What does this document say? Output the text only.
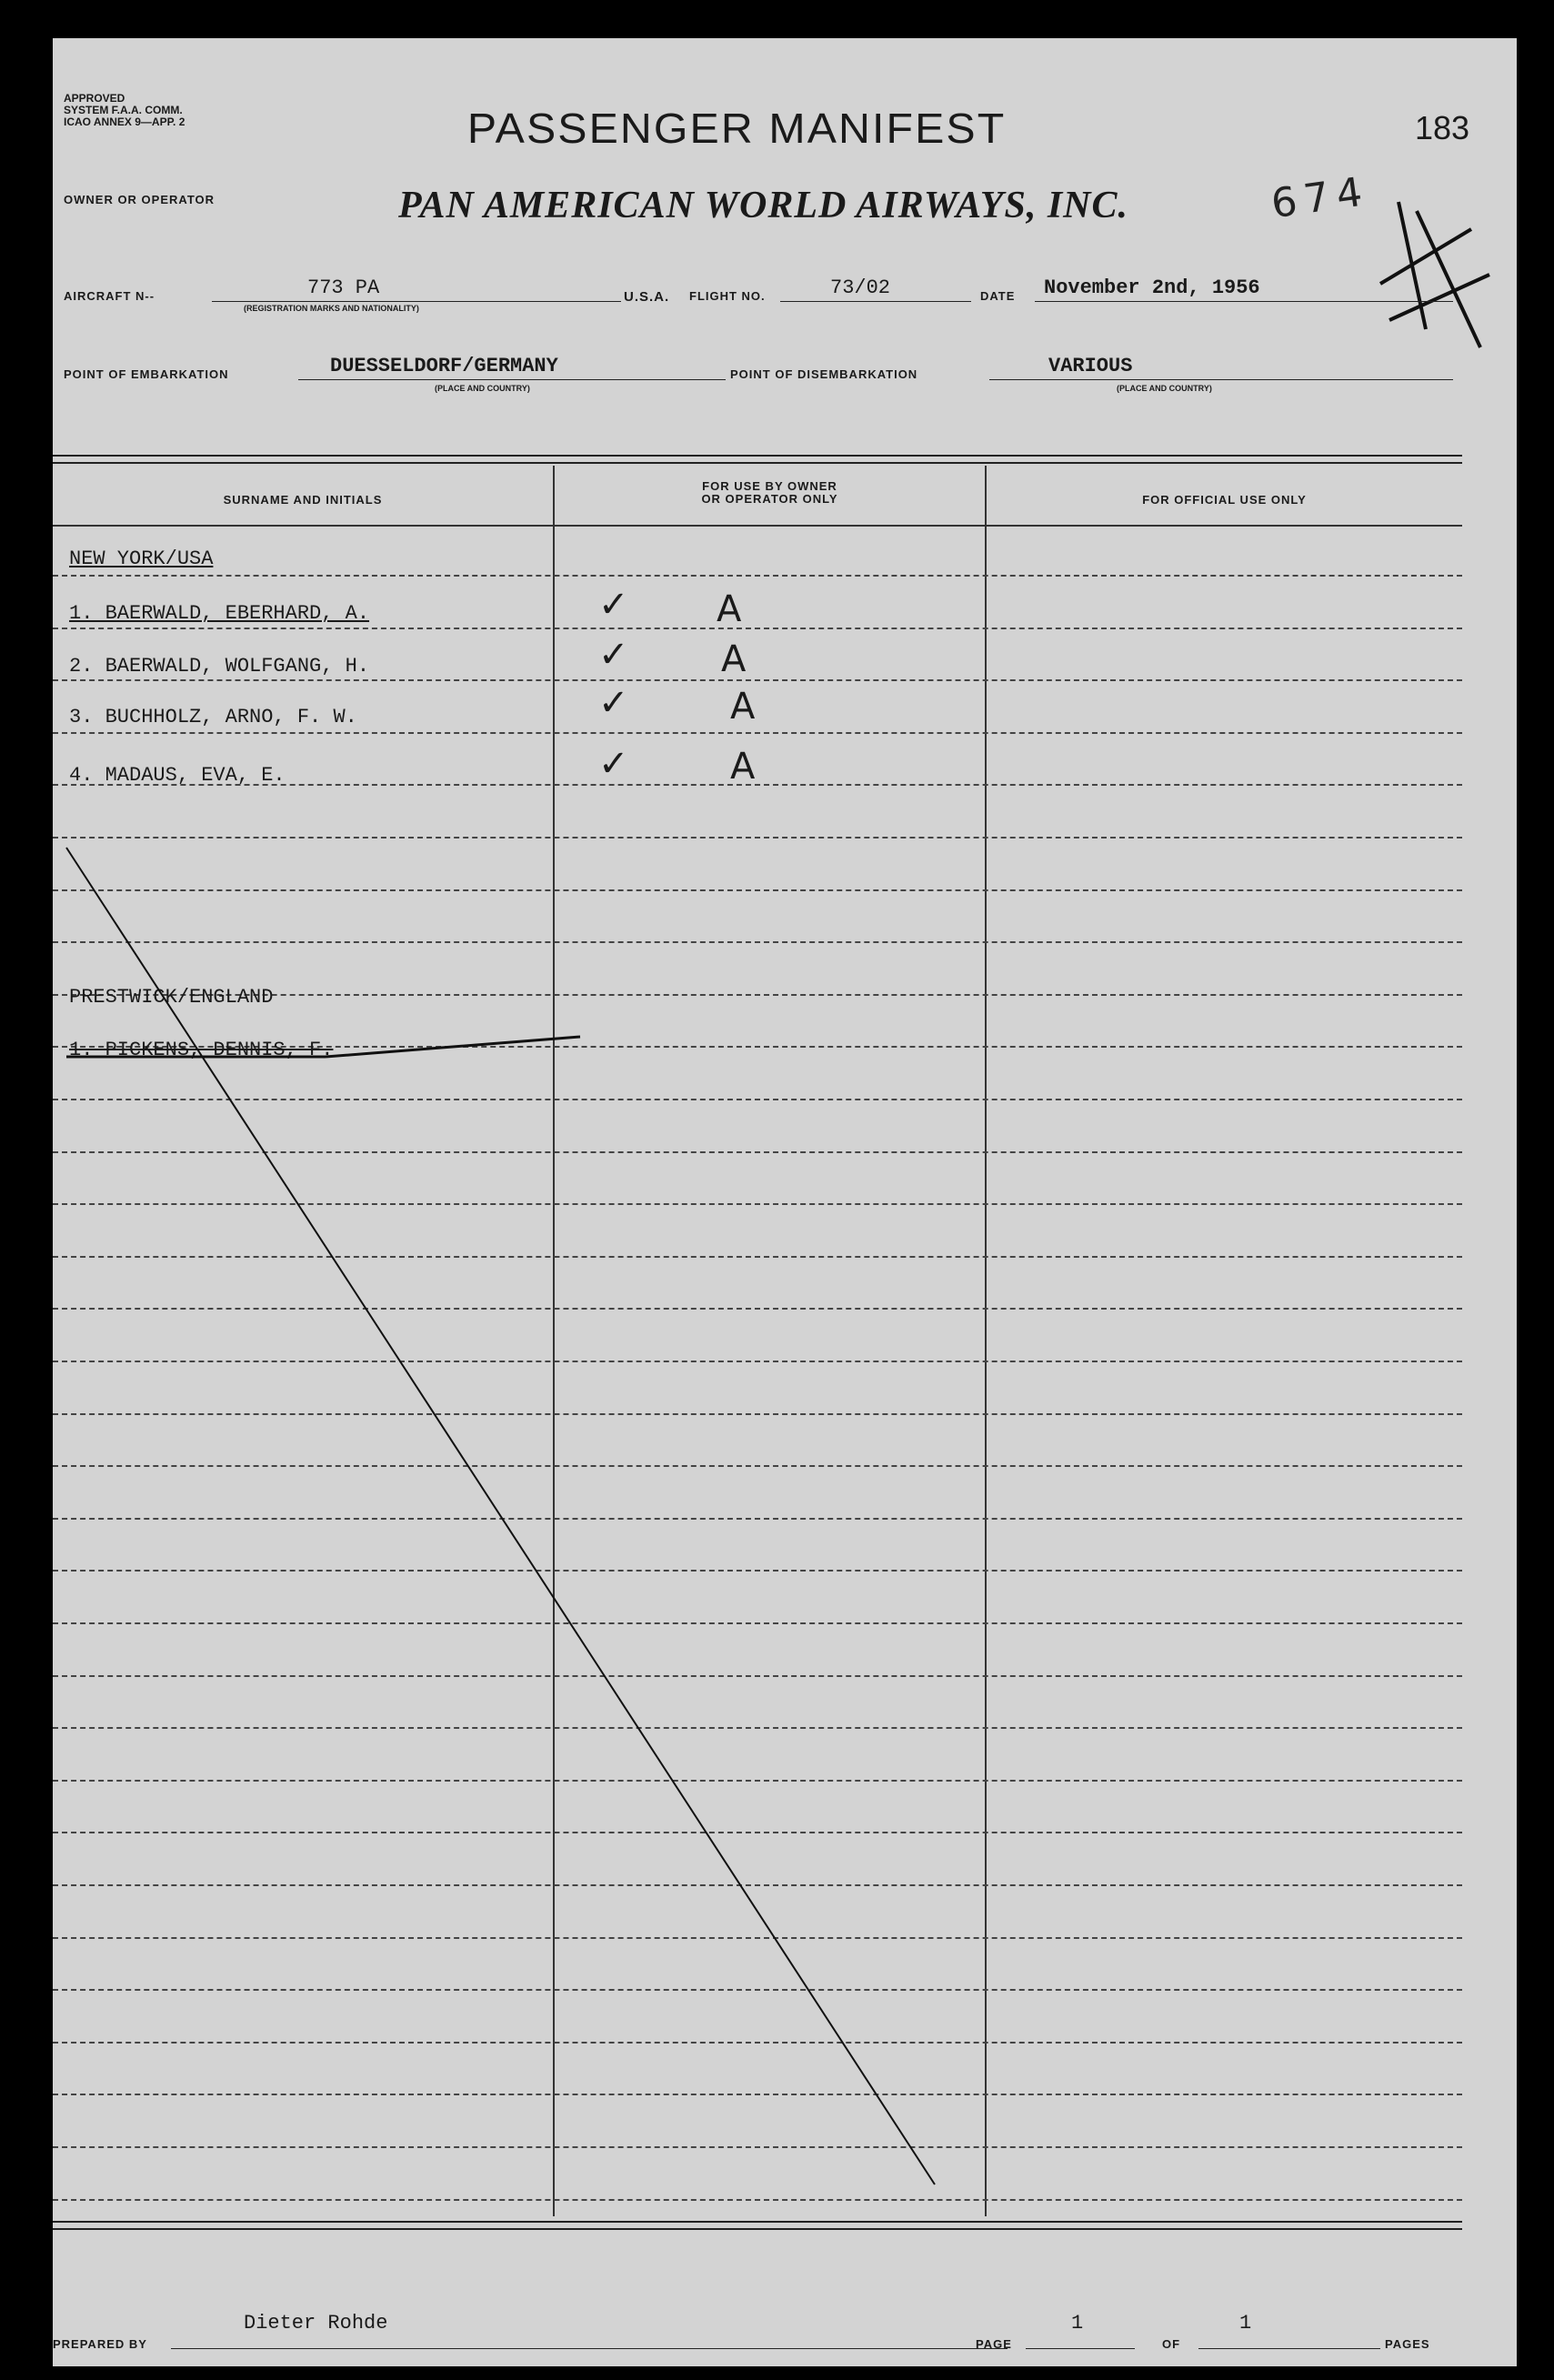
APPROVED
SYSTEM F.A.A. COMM.
ICAO ANNEX 9—APP. 2	PASSENGER MANIFEST	183
OWNER OR OPERATOR	PAN AMERICAN WORLD AIRWAYS, INC.	674
AIRCRAFT N--	773 PA
(REGISTRATION MARKS AND NATIONALITY)
U.S.A. FLIGHT NO.	73/02	DATE November 2nd, 1956
POINT OF EMBARKATION	DUESSELDORF/GERMANY
(PLACE AND COUNTRY)
POINT OF DISEMBARKATION	VARIOUS
(PLACE AND COUNTRY)
SURNAME AND INITIALS
FOR USE BY OWNER
OR OPERATOR ONLY	FOR OFFICIAL USE ONLY
NEW YORK/USA
1. BAERWALD, EBERHARD, A.	✓ A
2. BAERWALD, WOLFGANG, H.	✓	A
3. BUCHHOLZ, ARNO, F. W.	✓	A
4. MADAUS, EVA, E.	✓	A
PRESTWICK/ENGLAND
1. PICKENS, DENNIS, F.
PREPARED BY
Dieter Rohde
PAGE
1
OF
1
PAGES
